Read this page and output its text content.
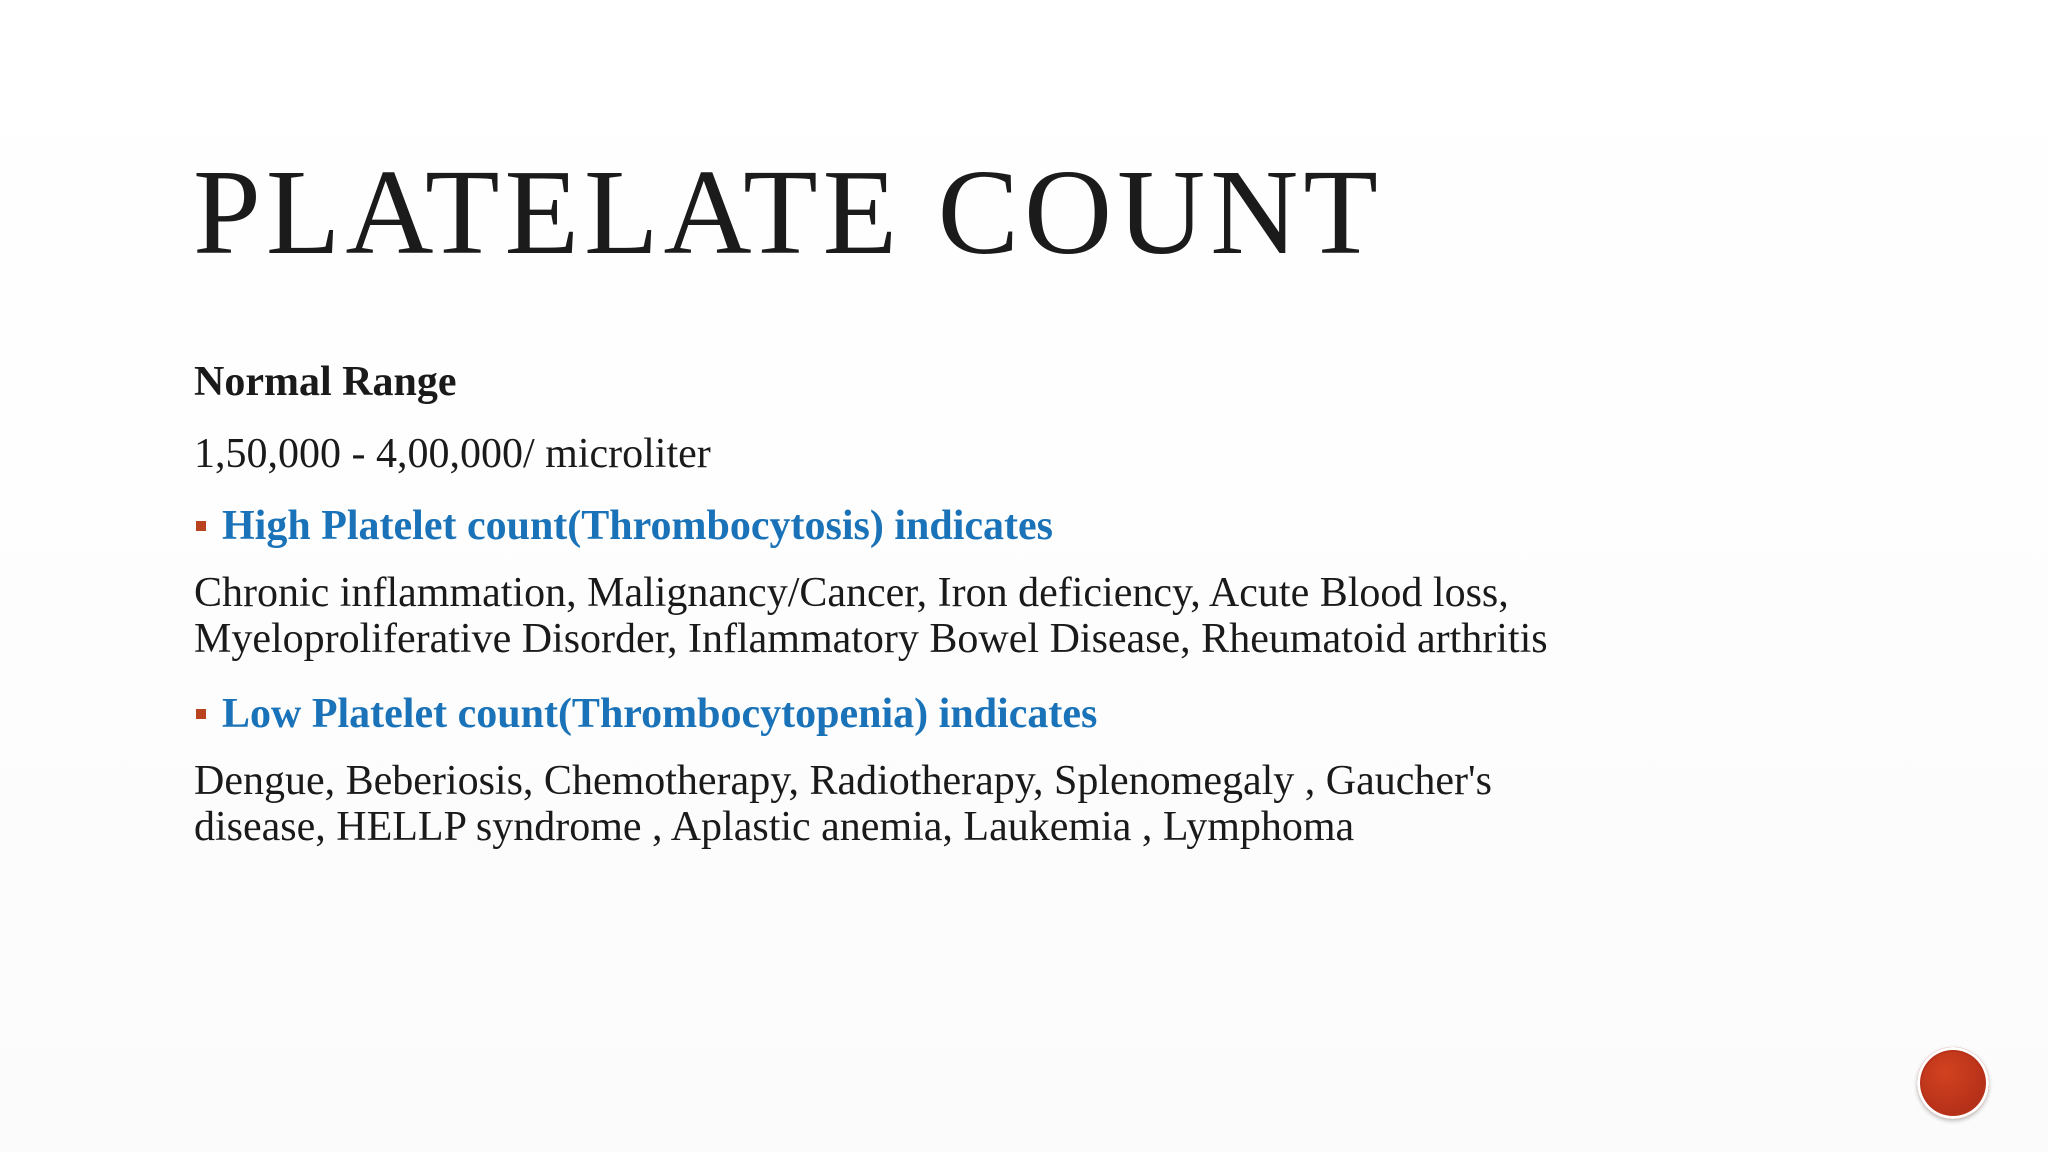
PLATELATE COUNT
Normal Range
1,50,000 - 4,00,000/ microliter
High Platelet count(Thrombocytosis) indicates
Chronic inflammation, Malignancy/Cancer, Iron deficiency, Acute Blood loss,
Myeloproliferative Disorder, Inflammatory Bowel Disease, Rheumatoid arthritis
Low Platelet count(Thrombocytopenia) indicates
Dengue, Beberiosis, Chemotherapy, Radiotherapy, Splenomegaly , Gaucher's
disease, HELLP syndrome , Aplastic anemia, Laukemia , Lymphoma
